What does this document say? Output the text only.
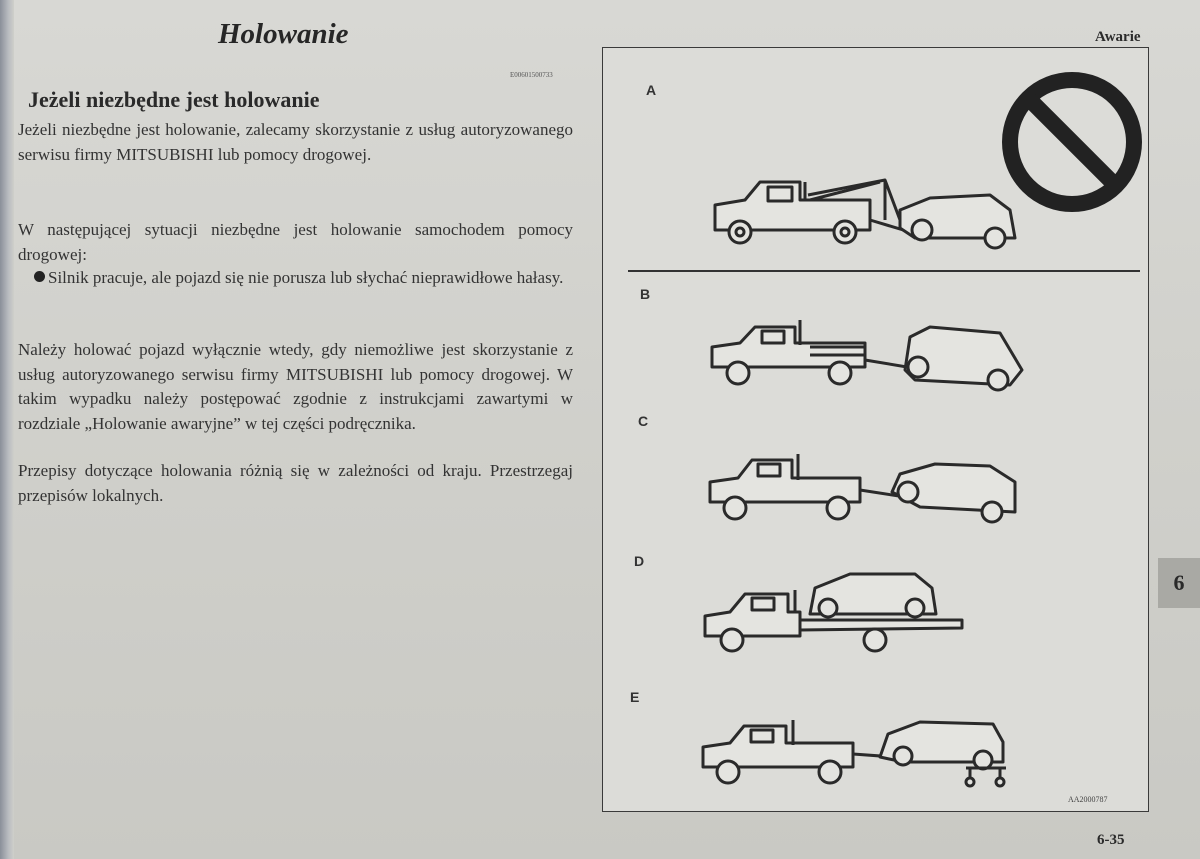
Holowanie	Awarie
E00601500733
Jeżeli niezbędne jest holowanie
Jeżeli niezbędne jest holowanie, zalecamy skorzystanie z usług autoryzowanego serwisu firmy MITSUBISHI lub pomocy drogowej.
W następującej sytuacji niezbędne jest holowanie samochodem pomocy drogowej:
Silnik pracuje, ale pojazd się nie porusza lub słychać nieprawidłowe hałasy.
Należy holować pojazd wyłącznie wtedy, gdy niemożliwe jest skorzystanie z usług autoryzowanego serwisu firmy MITSUBISHI lub pomocy drogowej. W takim wypadku należy postępować zgodnie z instrukcjami zawartymi w rozdziale „Holowanie awaryjne” w tej części podręcznika.
Przepisy dotyczące holowania różnią się w zależności od kraju. Przestrzegaj przepisów lokalnych.
A
B
C
D
E
AA2000787
6
6-35
